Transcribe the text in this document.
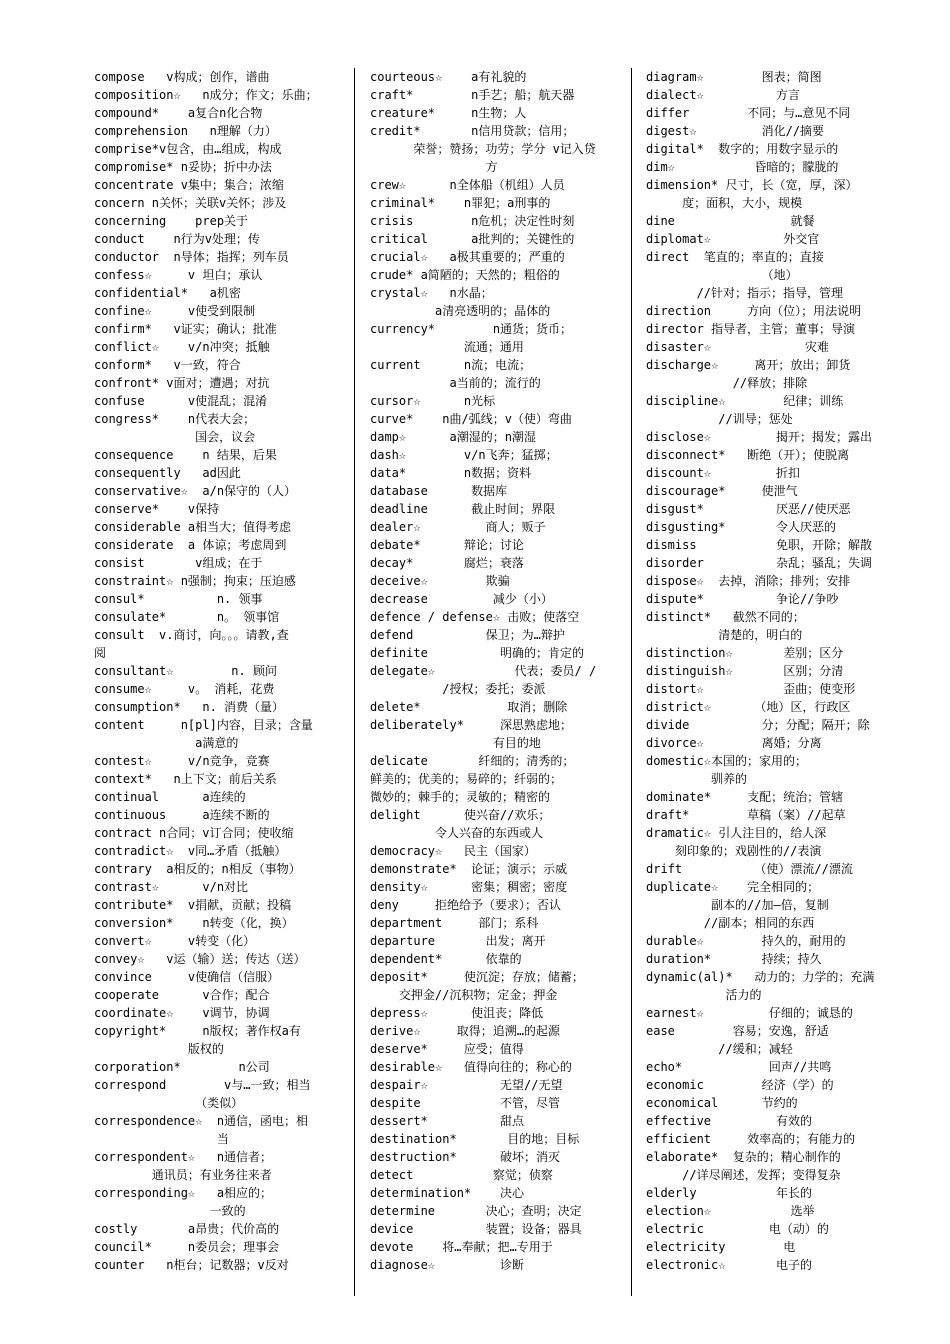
compose   v构成；创作，谱曲
composition☆   n成分；作文；乐曲；
compound*    a复合n化合物
comprehension   n理解（力）
comprise*v包含，由…组成，构成
compromise* n妥协；折中办法
concentrate v集中；集合；浓缩
concern n关怀；关联v关怀；涉及
concerning    prep关于
conduct    n行为v处理；传
conductor  n导体；指挥；列车员
confess☆     v 坦白；承认
confidential*   a机密
confine☆     v使受到限制
confirm*   v证实；确认；批准
conflict☆    v/n冲突；抵触
conform*   v一致，符合
confront* v面对；遭遇；对抗
confuse      v使混乱；混淆
congress*    n代表大会；
国会，议会
consequence    n 结果，后果
consequently   ad因此
conservative☆  a/n保守的（人）
conserve*    v保持
considerable a相当大；值得考虑
considerate  a 体谅；考虑周到
consist       v组成；在于
constraint☆ n强制；拘束；压迫感
consul*          n. 领事
consulate*       n。 领事馆
consult  v.商讨，向。。。请教,查
阅
consultant☆        n. 顾问
consume☆     v。 消耗，花费
consumption*   n. 消费（量）
content     n[pl]内容，目录；含量
a满意的
contest☆     v/n竞争，竞赛
context*   n上下文；前后关系
continual      a连续的
continuous     a连续不断的
contract n合同；v订合同；使收缩
contradict☆  v同…矛盾（抵触）
contrary  a相反的；n相反（事物）
contrast☆      v/n对比
contribute*  v捐献，贡献；投稿
conversion*    n转变（化，换）
convert☆     v转变（化）
convey☆   v运（输）送；传达（送）
convince     v使确信（信服）
cooperate      v合作；配合
coordinate☆    v调节，协调
copyright*     n版权；著作权a有
版权的
corporation*        n公司
correspond        v与…一致；相当
（类似）
correspondence☆  n通信，函电；相
当
correspondent☆   n通信者；
通讯员；有业务往来者
corresponding☆   a相应的；
一致的
costly       a昂贵；代价高的
council*     n委员会；理事会
counter   n柜台；记数器；v反对
courteous☆    a有礼貌的
craft*        n手艺；船；航天器
creature*     n生物；人
credit*       n信用贷款；信用；
荣誉；赞扬；功劳；学分 v记入贷
方
crew☆      n全体船（机组）人员
criminal*    n罪犯；a刑事的
crisis        n危机；决定性时刻
critical      a批判的；关键性的
crucial☆   a极其重要的；严重的
crude* a简陋的；天然的；粗俗的
crystal☆   n水晶；
a清亮透明的；晶体的
currency*        n通货；货币；
流通；通用
current      n流；电流；
a当前的；流行的
cursor☆      n光标
curve*    n曲/弧线；v（使）弯曲
damp☆      a潮湿的；n潮湿
dash☆        v/n飞奔；猛掷；
data*        n数据；资料
database      数据库
deadline      截止时间；界限
dealer☆         商人；贩子
debate*      辩论；讨论
decay*       腐烂；衰落
deceive☆        欺骗
decrease         减少（小）
defence / defense☆ 击败；使落空
defend          保卫；为…辩护
definite          明确的；肯定的
delegate☆           代表；委员/ /
/授权；委托；委派
delete*            取消；删除
deliberately*     深思熟虑地；
有目的地
delicate       纤细的；清秀的；
鲜美的；优美的；易碎的；纤弱的；
微妙的；棘手的；灵敏的；精密的
delight      使兴奋//欢乐；
令人兴奋的东西或人
democracy☆   民主（国家）
demonstrate*  论证；演示；示威
density☆      密集；稠密；密度
deny     拒绝给予（要求）；否认
department     部门；系科
departure       出发；离开
dependent*      依靠的
deposit*     使沉淀；存放；储蓄；
交押金//沉积物；定金；押金
depress☆      使沮丧；降低
derive☆     取得；追溯…的起源
deserve*     应受；值得
desirable☆   值得向往的；称心的
despair☆          无望//无望
despite           不管，尽管
dessert*          甜点
destination*       目的地；目标
destruction*      破坏；消灭
detect           察觉；侦察
determination*    决心
determine       决心；查明；决定
device          装置；设备；器具
devote    将…奉献；把…专用于
diagnose☆         诊断
diagram☆        图表；简图
dialect☆          方言
differ        不同；与…意见不同
digest☆         消化//摘要
digital*  数字的；用数字显示的
dim☆           昏暗的；朦胧的
dimension* 尺寸，长（宽，厚，深）
度；面积，大小，规模
dine                就餐
diplomat☆          外交官
direct  笔直的；率直的；直接
（地）
//针对；指示；指导，管理
direction     方向（位）；用法说明
director 指导者，主管；董事；导演
disaster☆             灾难
discharge☆     离开；放出；卸货
//释放；排除
discipline☆        纪律；训练
//训导；惩处
disclose☆         揭开；揭发；露出
disconnect*   断绝（开）；使脱离
discount☆         折扣
discourage*     使泄气
disgust*          厌恶//使厌恶
disgusting*       令人厌恶的
dismiss           免职，开除；解散
disorder          杂乱；骚乱；失调
dispose☆  去掉，消除；排列；安排
dispute*          争论//争吵
distinct*   截然不同的；
清楚的，明白的
distinction☆       差别；区分
distinguish☆       区别；分清
distort☆           歪曲；使变形
district☆      （地）区，行政区
divide          分；分配；隔开；除
divorce☆        离婚；分离
domestic☆本国的；家用的；
驯养的
dominate*     支配；统治；管辖
draft*        草稿（案）//起草
dramatic☆ 引人注目的，给人深
刻印象的；戏剧性的//表演
drift          （使）漂流//漂流
duplicate☆    完全相同的；
副本的//加—倍，复制
//副本；相同的东西
durable☆        持久的，耐用的
duration*       持续；持久
dynamic(al)*   动力的；力学的；充满
活力的
earnest☆         仔细的；诚恳的
ease        容易；安逸，舒适
//缓和；减轻
echo*            回声//共鸣
economic        经济（学）的
economical      节约的
effective         有效的
efficient     效率高的；有能力的
elaborate*  复杂的；精心制作的
//详尽阐述，发挥；变得复杂
elderly           年长的
election☆           选举
electric         电（动）的
electricity        电
electronic☆       电子的
